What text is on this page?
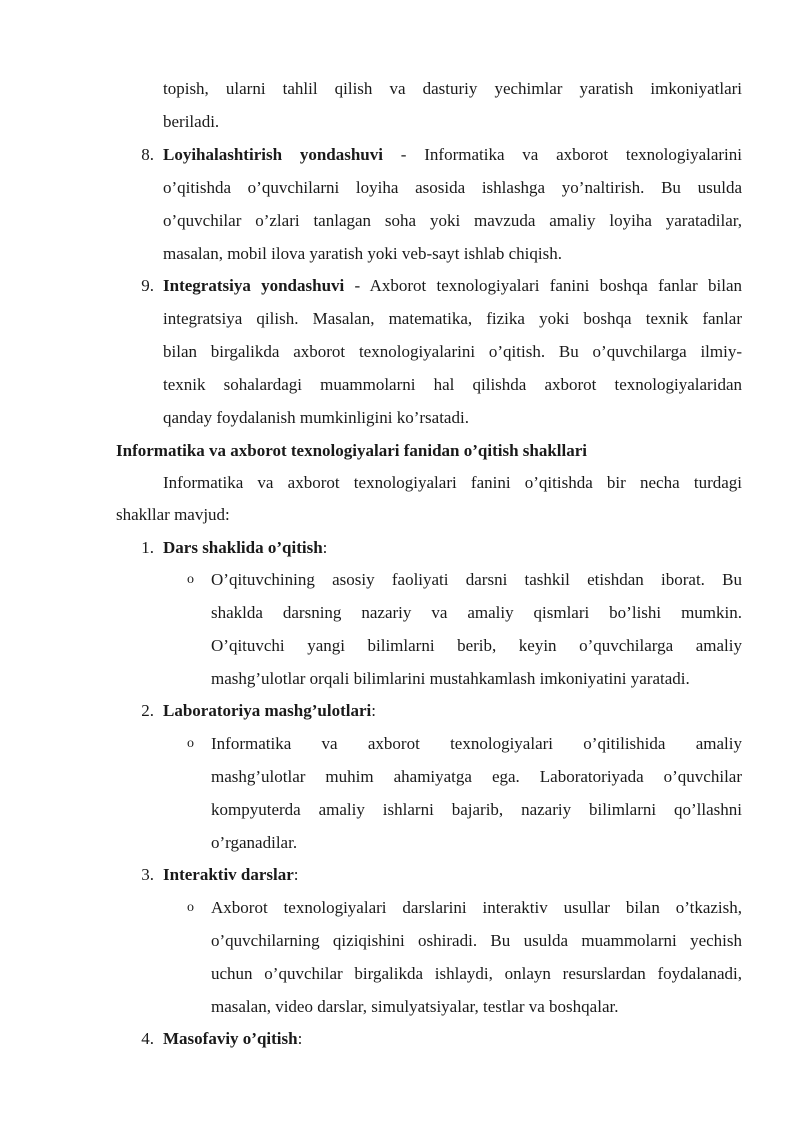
topish, ularni tahlil qilish va dasturiy yechimlar yaratish imkoniyatlari
beriladi.
8. Loyihalashtirish yondashuvi - Informatika va axborot texnologiyalarini
o’qitishda o’quvchilarni loyiha asosida ishlashga yo’naltirish. Bu usulda
o’quvchilar o’zlari tanlagan soha yoki mavzuda amaliy loyiha yaratadilar,
masalan, mobil ilova yaratish yoki veb-sayt ishlab chiqish.
9. Integratsiya yondashuvi - Axborot texnologiyalari fanini boshqa fanlar bilan
integratsiya qilish. Masalan, matematika, fizika yoki boshqa texnik fanlar
bilan birgalikda axborot texnologiyalarini o’qitish. Bu o’quvchilarga ilmiy-
texnik sohalardagi muammolarni hal qilishda axborot texnologiyalaridan
qanday foydalanish mumkinligini ko’rsatadi.
Informatika va axborot texnologiyalari fanidan o’qitish shakllari
Informatika va axborot texnologiyalari fanini o’qitishda bir necha turdagi
shakllar mavjud:
1. Dars shaklida o’qitish:
o O’qituvchining asosiy faoliyati darsni tashkil etishdan iborat. Bu
shaklda darsning nazariy va amaliy qismlari bo’lishi mumkin.
O’qituvchi yangi bilimlarni berib, keyin o’quvchilarga amaliy
mashg’ulotlar orqali bilimlarini mustahkamlash imkoniyatini yaratadi.
2. Laboratoriya mashg’ulotlari:
o Informatika va axborot texnologiyalari o’qitilishida amaliy
mashg’ulotlar muhim ahamiyatga ega. Laboratoriyada o’quvchilar
kompyuterda amaliy ishlarni bajarib, nazariy bilimlarni qo’llashni
o’rganadilar.
3. Interaktiv darslar:
o Axborot texnologiyalari darslarini interaktiv usullar bilan o’tkazish,
o’quvchilarning qiziqishini oshiradi. Bu usulda muammolarni yechish
uchun o’quvchilar birgalikda ishlaydi, onlayn resurslardan foydalanadi,
masalan, video darslar, simulyatsiyalar, testlar va boshqalar.
4. Masofaviy o’qitish:
